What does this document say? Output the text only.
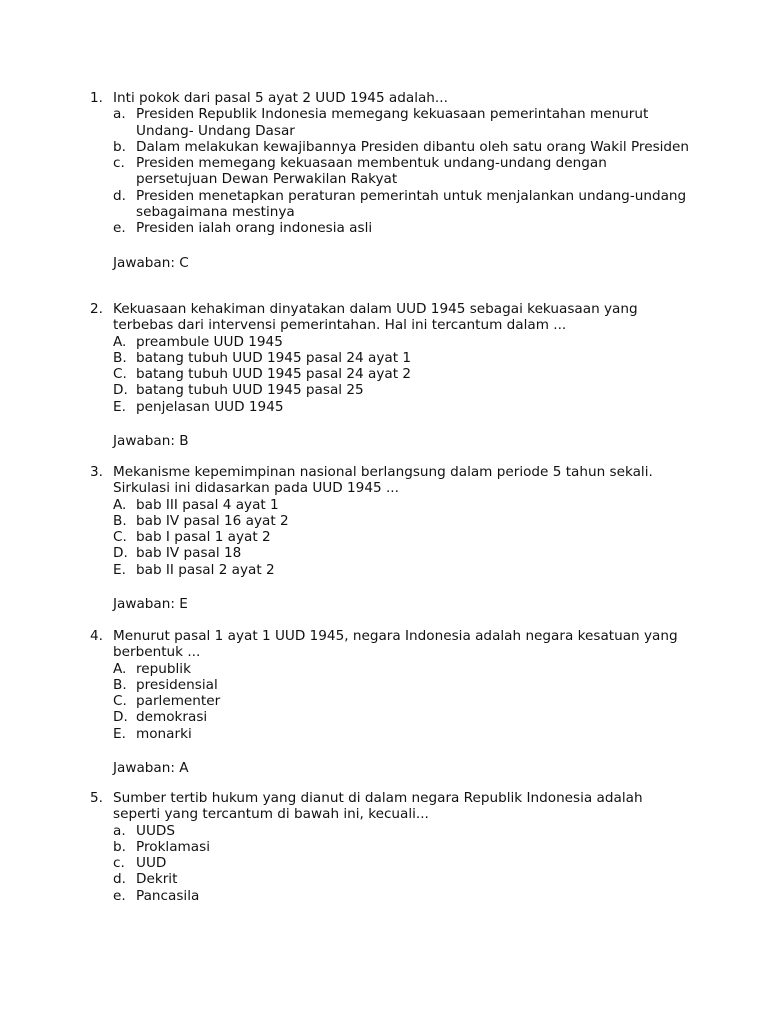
1. Inti pokok dari pasal 5 ayat 2 UUD 1945 adalah...
a. Presiden Republik Indonesia memegang kekuasaan pemerintahan menurut Undang- Undang Dasar
b. Dalam melakukan kewajibannya Presiden dibantu oleh satu orang Wakil Presiden
c. Presiden memegang kekuasaan membentuk undang-undang dengan persetujuan Dewan Perwakilan Rakyat
d. Presiden menetapkan peraturan pemerintah untuk menjalankan undang-undang sebagaimana mestinya
e. Presiden ialah orang indonesia asli
Jawaban: C
2. Kekuasaan kehakiman dinyatakan dalam UUD 1945 sebagai kekuasaan yang terbebas dari intervensi pemerintahan. Hal ini tercantum dalam ...
A. preambule UUD 1945
B. batang tubuh UUD 1945 pasal 24 ayat 1
C. batang tubuh UUD 1945 pasal 24 ayat 2
D. batang tubuh UUD 1945 pasal 25
E. penjelasan UUD 1945
Jawaban: B
3. Mekanisme kepemimpinan nasional berlangsung dalam periode 5 tahun sekali. Sirkulasi ini didasarkan pada UUD 1945 ...
A. bab III pasal 4 ayat 1
B. bab IV pasal 16 ayat 2
C. bab I pasal 1 ayat 2
D. bab IV pasal 18
E. bab II pasal 2 ayat 2
Jawaban: E
4. Menurut pasal 1 ayat 1 UUD 1945, negara Indonesia adalah negara kesatuan yang berbentuk ...
A. republik
B. presidensial
C. parlementer
D. demokrasi
E. monarki
Jawaban: A
5. Sumber tertib hukum yang dianut di dalam negara Republik Indonesia adalah seperti yang tercantum di bawah ini, kecuali...
a. UUDS
b. Proklamasi
c. UUD
d. Dekrit
e. Pancasila
